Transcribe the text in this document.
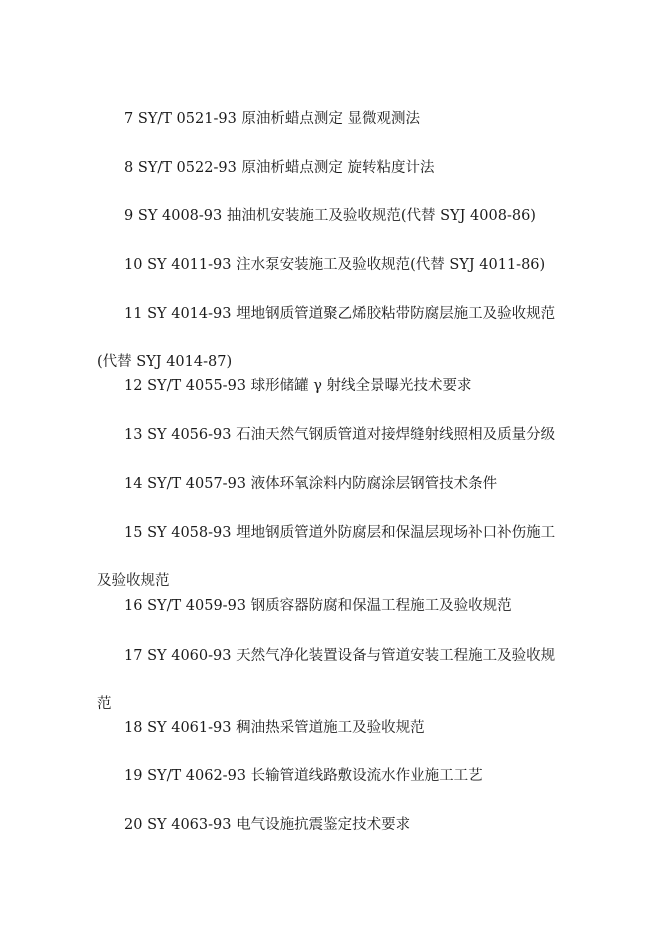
7 SY/T 0521-93 原油析蜡点测定 显微观测法

8 SY/T 0522-93 原油析蜡点测定 旋转粘度计法

9 SY 4008-93 抽油机安装施工及验收规范(代替 SYJ 4008-86)

10 SY 4011-93 注水泵安装施工及验收规范(代替 SYJ 4011-86)

11 SY 4014-93 埋地钢质管道聚乙烯胶粘带防腐层施工及验收规范

(代替 SYJ 4014-87)

12 SY/T 4055-93 球形储罐 γ 射线全景曝光技术要求

13 SY 4056-93 石油天然气钢质管道对接焊缝射线照相及质量分级

14 SY/T 4057-93 液体环氧涂料内防腐涂层钢管技术条件

15 SY 4058-93 埋地钢质管道外防腐层和保温层现场补口补伤施工

及验收规范

16 SY/T 4059-93 钢质容器防腐和保温工程施工及验收规范

17 SY 4060-93 天然气净化装置设备与管道安装工程施工及验收规

范

18 SY 4061-93 稠油热采管道施工及验收规范

19 SY/T 4062-93 长输管道线路敷设流水作业施工工艺

20 SY 4063-93 电气设施抗震鉴定技术要求
